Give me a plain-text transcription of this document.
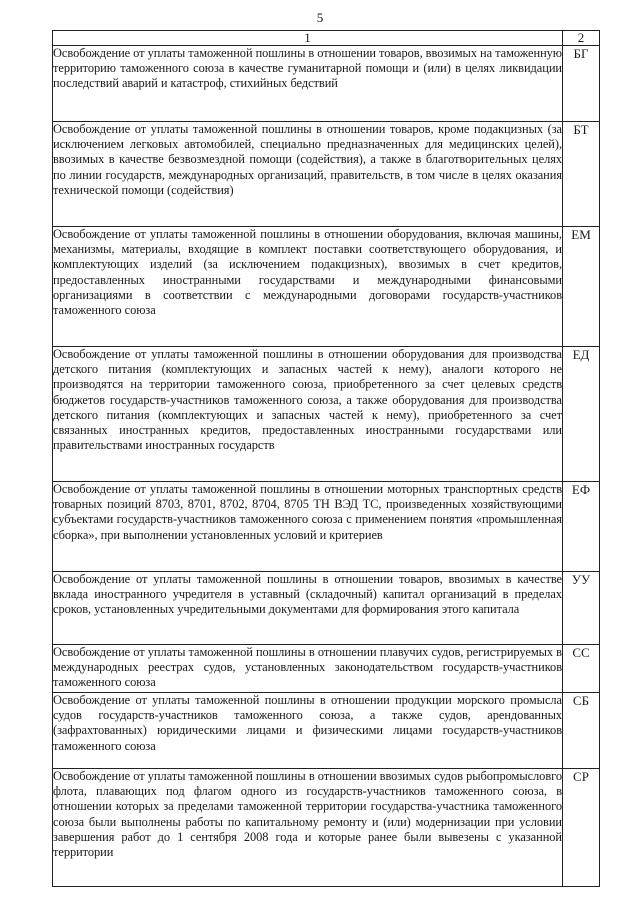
5
1	2
Освобождение от уплаты таможенной пошлины в отношении товаров, ввозимых на таможенную территорию таможенного союза в качестве гуманитарной помощи и (или) в целях ликвидации последствий аварий и катастроф, стихийных бедствий	БГ
Освобождение от уплаты таможенной пошлины в отношении товаров, кроме подакцизных (за исключением легковых автомобилей, специально предназначенных для медицинских целей), ввозимых в качестве безвозмездной помощи (содействия), а также в благотворительных целях по линии государств, международных организаций, правительств, в том числе в целях оказания технической помощи (содействия)	БТ
Освобождение от уплаты таможенной пошлины в отношении оборудования, включая машины, механизмы, материалы, входящие в комплект поставки соответствующего оборудования, и комплектующих изделий (за исключением подакцизных), ввозимых в счет кредитов, предоставленных иностранными государствами и международными финансовыми организациями в соответствии с международными договорами государств-участников таможенного союза	ЕМ
Освобождение от уплаты таможенной пошлины в отношении оборудования для производства детского питания (комплектующих и запасных частей к нему), аналоги которого не производятся на территории таможенного союза, приобретенного за счет целевых средств бюджетов государств-участников таможенного союза, а также оборудования для производства детского питания (комплектующих и запасных частей к нему), приобретенного за счет связанных иностранных кредитов, предоставленных иностранными государствами или правительствами иностранных государств	ЕД
Освобождение от уплаты таможенной пошлины в отношении моторных транспортных средств товарных позиций 8703, 8701, 8702, 8704, 8705 ТН ВЭД ТС, произведенных хозяйствующими субъектами государств-участников таможенного союза с применением понятия «промышленная сборка», при выполнении установленных условий и критериев	ЕФ
Освобождение от уплаты таможенной пошлины в отношении товаров, ввозимых в качестве вклада иностранного учредителя в уставный (складочный) капитал организаций в пределах сроков, установленных учредительными документами для формирования этого капитала	УУ
Освобождение от уплаты таможенной пошлины в отношении плавучих судов, регистрируемых в международных реестрах судов, установленных законодательством государств-участников таможенного союза	СС
Освобождение от уплаты таможенной пошлины в отношении продукции морского промысла судов государств-участников таможенного союза, а также судов, арендованных (зафрахтованных) юридическими лицами и физическими лицами государств-участников таможенного союза	СБ
Освобождение от уплаты таможенной пошлины в отношении ввозимых судов рыбопромысловго флота, плавающих под флагом одного из государств-участников таможенного союза, в отношении которых за пределами таможенной территории государства-участника таможенного союза были выполнены работы по капитальному ремонту и (или) модернизации при условии завершения работ до 1 сентября 2008 года и которые ранее были вывезены с указанной территории	СР
